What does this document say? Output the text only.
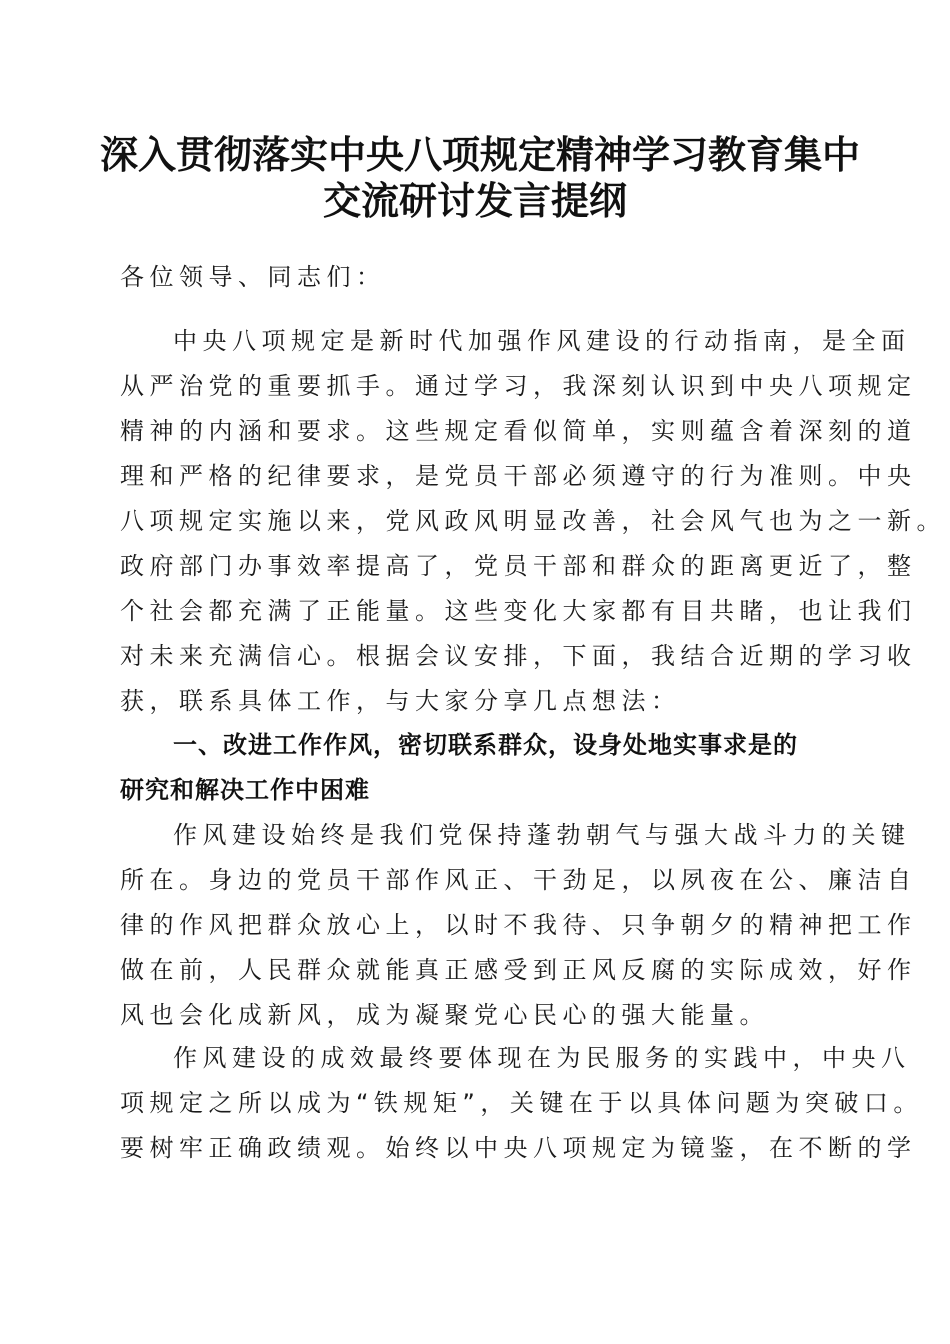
深入贯彻落实中央八项规定精神学习教育集中
交流研讨发言提纲
各位领导、同志们：
中央八项规定是新时代加强作风建设的行动指南，是全面
从严治党的重要抓手。通过学习，我深刻认识到中央八项规定
精神的内涵和要求。这些规定看似简单，实则蕴含着深刻的道
理和严格的纪律要求，是党员干部必须遵守的行为准则。中央
八项规定实施以来，党风政风明显改善，社会风气也为之一新。
政府部门办事效率提高了，党员干部和群众的距离更近了，整
个社会都充满了正能量。这些变化大家都有目共睹，也让我们
对未来充满信心。根据会议安排，下面，我结合近期的学习收
获，联系具体工作，与大家分享几点想法：
一、改进工作作风，密切联系群众，设身处地实事求是的
研究和解决工作中困难
作风建设始终是我们党保持蓬勃朝气与强大战斗力的关键
所在。身边的党员干部作风正、干劲足，以夙夜在公、廉洁自
律的作风把群众放心上，以时不我待、只争朝夕的精神把工作
做在前，人民群众就能真正感受到正风反腐的实际成效，好作
风也会化成新风，成为凝聚党心民心的强大能量。
作风建设的成效最终要体现在为民服务的实践中，中央八
项规定之所以成为“铁规矩”，关键在于以具体问题为突破口。
要树牢正确政绩观。始终以中央八项规定为镜鉴，在不断的学
